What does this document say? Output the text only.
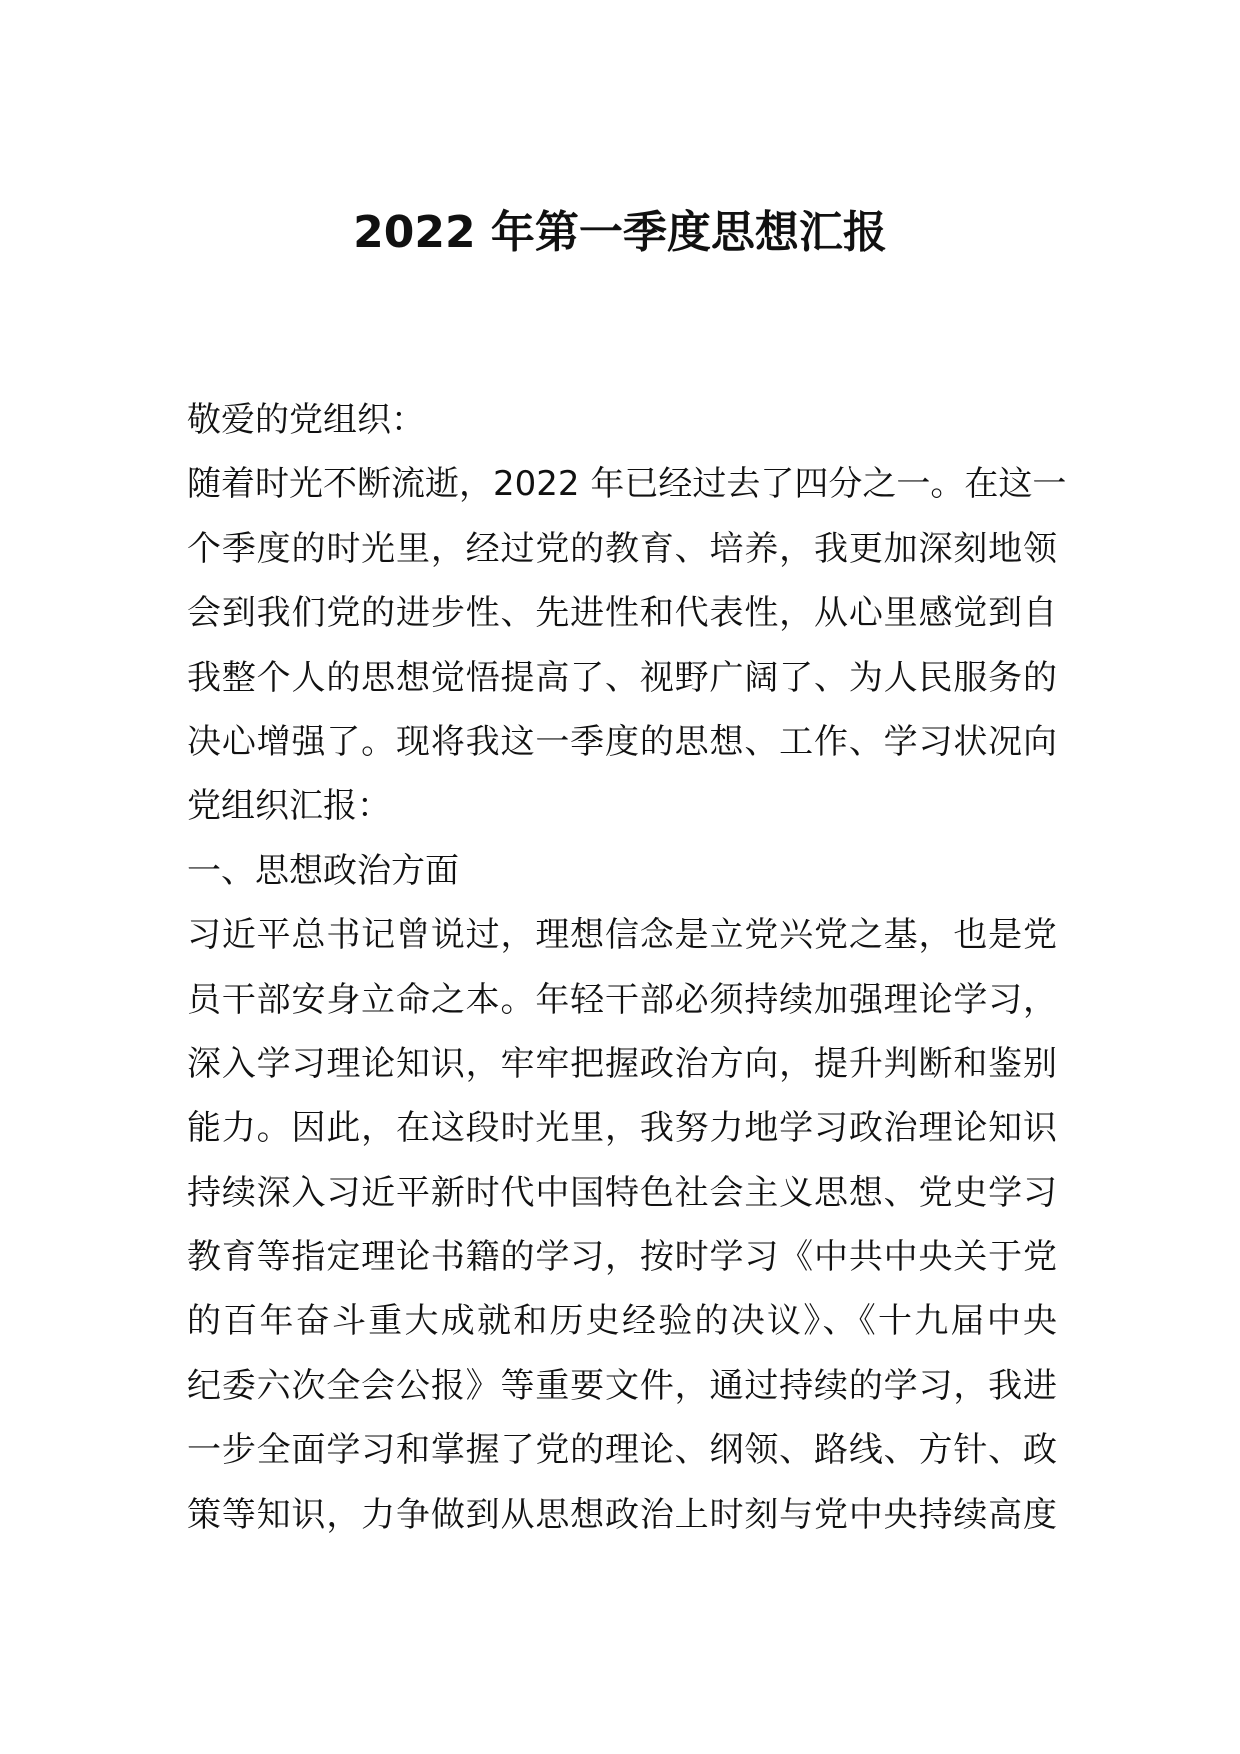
2022 年第一季度思想汇报
敬爱的党组织：
随着时光不断流逝，2022 年已经过去了四分之一。在这一
个季度的时光里，经过党的教育、培养，我更加深刻地领
会到我们党的进步性、先进性和代表性，从心里感觉到自
我整个人的思想觉悟提高了、视野广阔了、为人民服务的
决心增强了。现将我这一季度的思想、工作、学习状况向
党组织汇报：
一、思想政治方面
习近平总书记曾说过，理想信念是立党兴党之基，也是党
员干部安身立命之本。年轻干部必须持续加强理论学习，
深入学习理论知识，牢牢把握政治方向，提升判断和鉴别
能力。因此，在这段时光里，我努力地学习政治理论知识
持续深入习近平新时代中国特色社会主义思想、党史学习
教育等指定理论书籍的学习，按时学习《中共中央关于党
的百年奋斗重大成就和历史经验的决议》、《十九届中央
纪委六次全会公报》等重要文件，通过持续的学习，我进
一步全面学习和掌握了党的理论、纲领、路线、方针、政
策等知识，力争做到从思想政治上时刻与党中央持续高度
